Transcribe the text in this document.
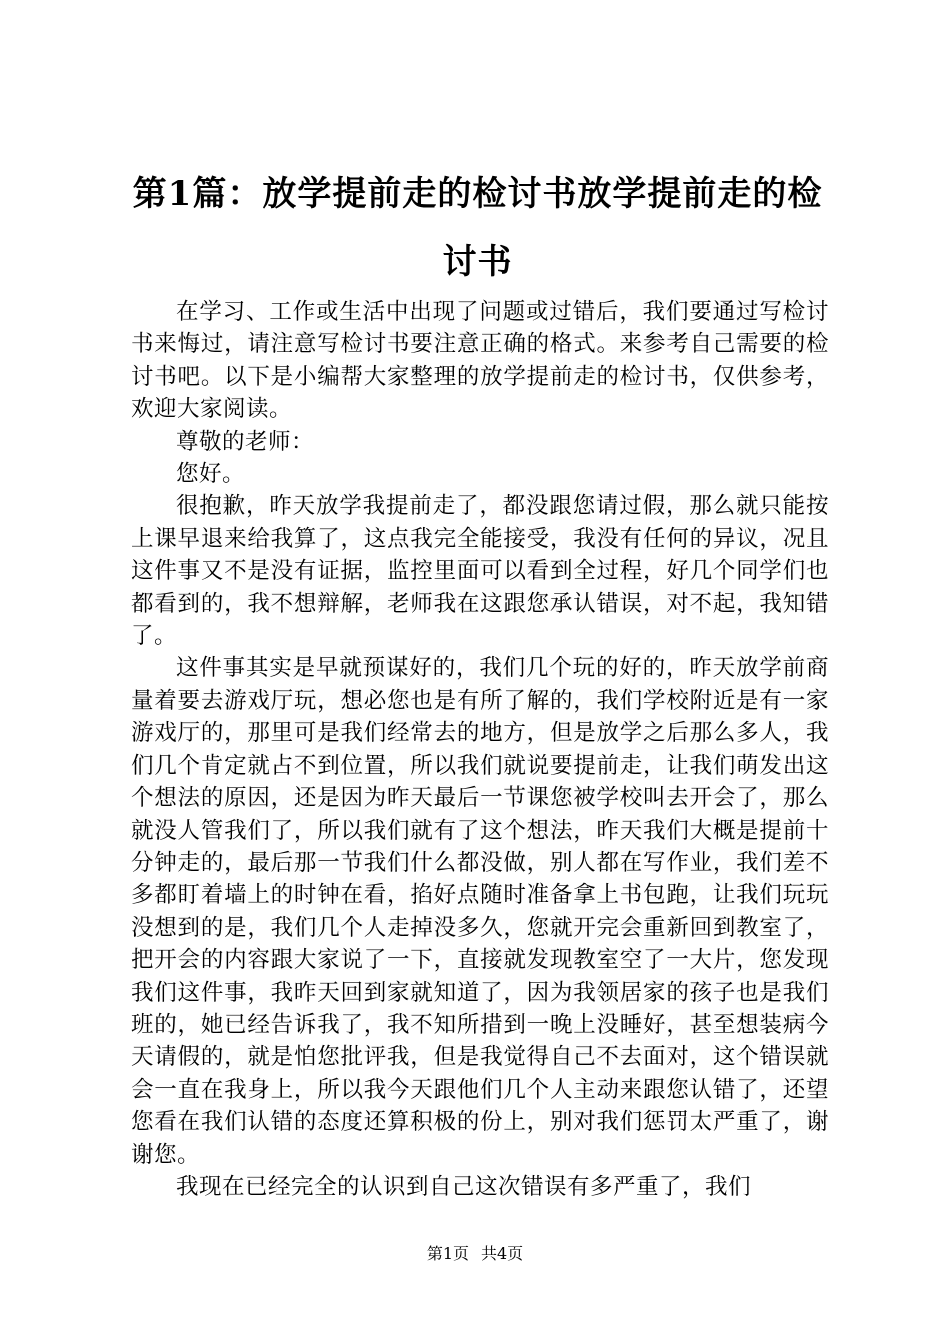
第1篇：放学提前走的检讨书放学提前走的检讨书

在学习、工作或生活中出现了问题或过错后，我们要通过写检讨书来悔过，请注意写检讨书要注意正确的格式。来参考自己需要的检讨书吧。以下是小编帮大家整理的放学提前走的检讨书，仅供参考，欢迎大家阅读。

尊敬的老师：

您好。

很抱歉，昨天放学我提前走了，都没跟您请过假，那么就只能按上课早退来给我算了，这点我完全能接受，我没有任何的异议，况且这件事又不是没有证据，监控里面可以看到全过程，好几个同学们也都看到的，我不想辩解，老师我在这跟您承认错误，对不起，我知错了。

这件事其实是早就预谋好的，我们几个玩的好的，昨天放学前商量着要去游戏厅玩，想必您也是有所了解的，我们学校附近是有一家游戏厅的，那里可是我们经常去的地方，但是放学之后那么多人，我们几个肯定就占不到位置，所以我们就说要提前走，让我们萌发出这个想法的原因，还是因为昨天最后一节课您被学校叫去开会了，那么就没人管我们了，所以我们就有了这个想法，昨天我们大概是提前十分钟走的，最后那一节我们什么都没做，别人都在写作业，我们差不多都盯着墙上的时钟在看，掐好点随时准备拿上书包跑，让我们玩玩没想到的是，我们几个人走掉没多久，您就开完会重新回到教室了，把开会的内容跟大家说了一下，直接就发现教室空了一大片，您发现我们这件事，我昨天回到家就知道了，因为我领居家的孩子也是我们班的，她已经告诉我了，我不知所措到一晚上没睡好，甚至想装病今天请假的，就是怕您批评我，但是我觉得自己不去面对，这个错误就会一直在我身上，所以我今天跟他们几个人主动来跟您认错了，还望您看在我们认错的态度还算积极的份上，别对我们惩罚太严重了，谢谢您。

我现在已经完全的认识到自己这次错误有多严重了，我们

第1页 共4页
